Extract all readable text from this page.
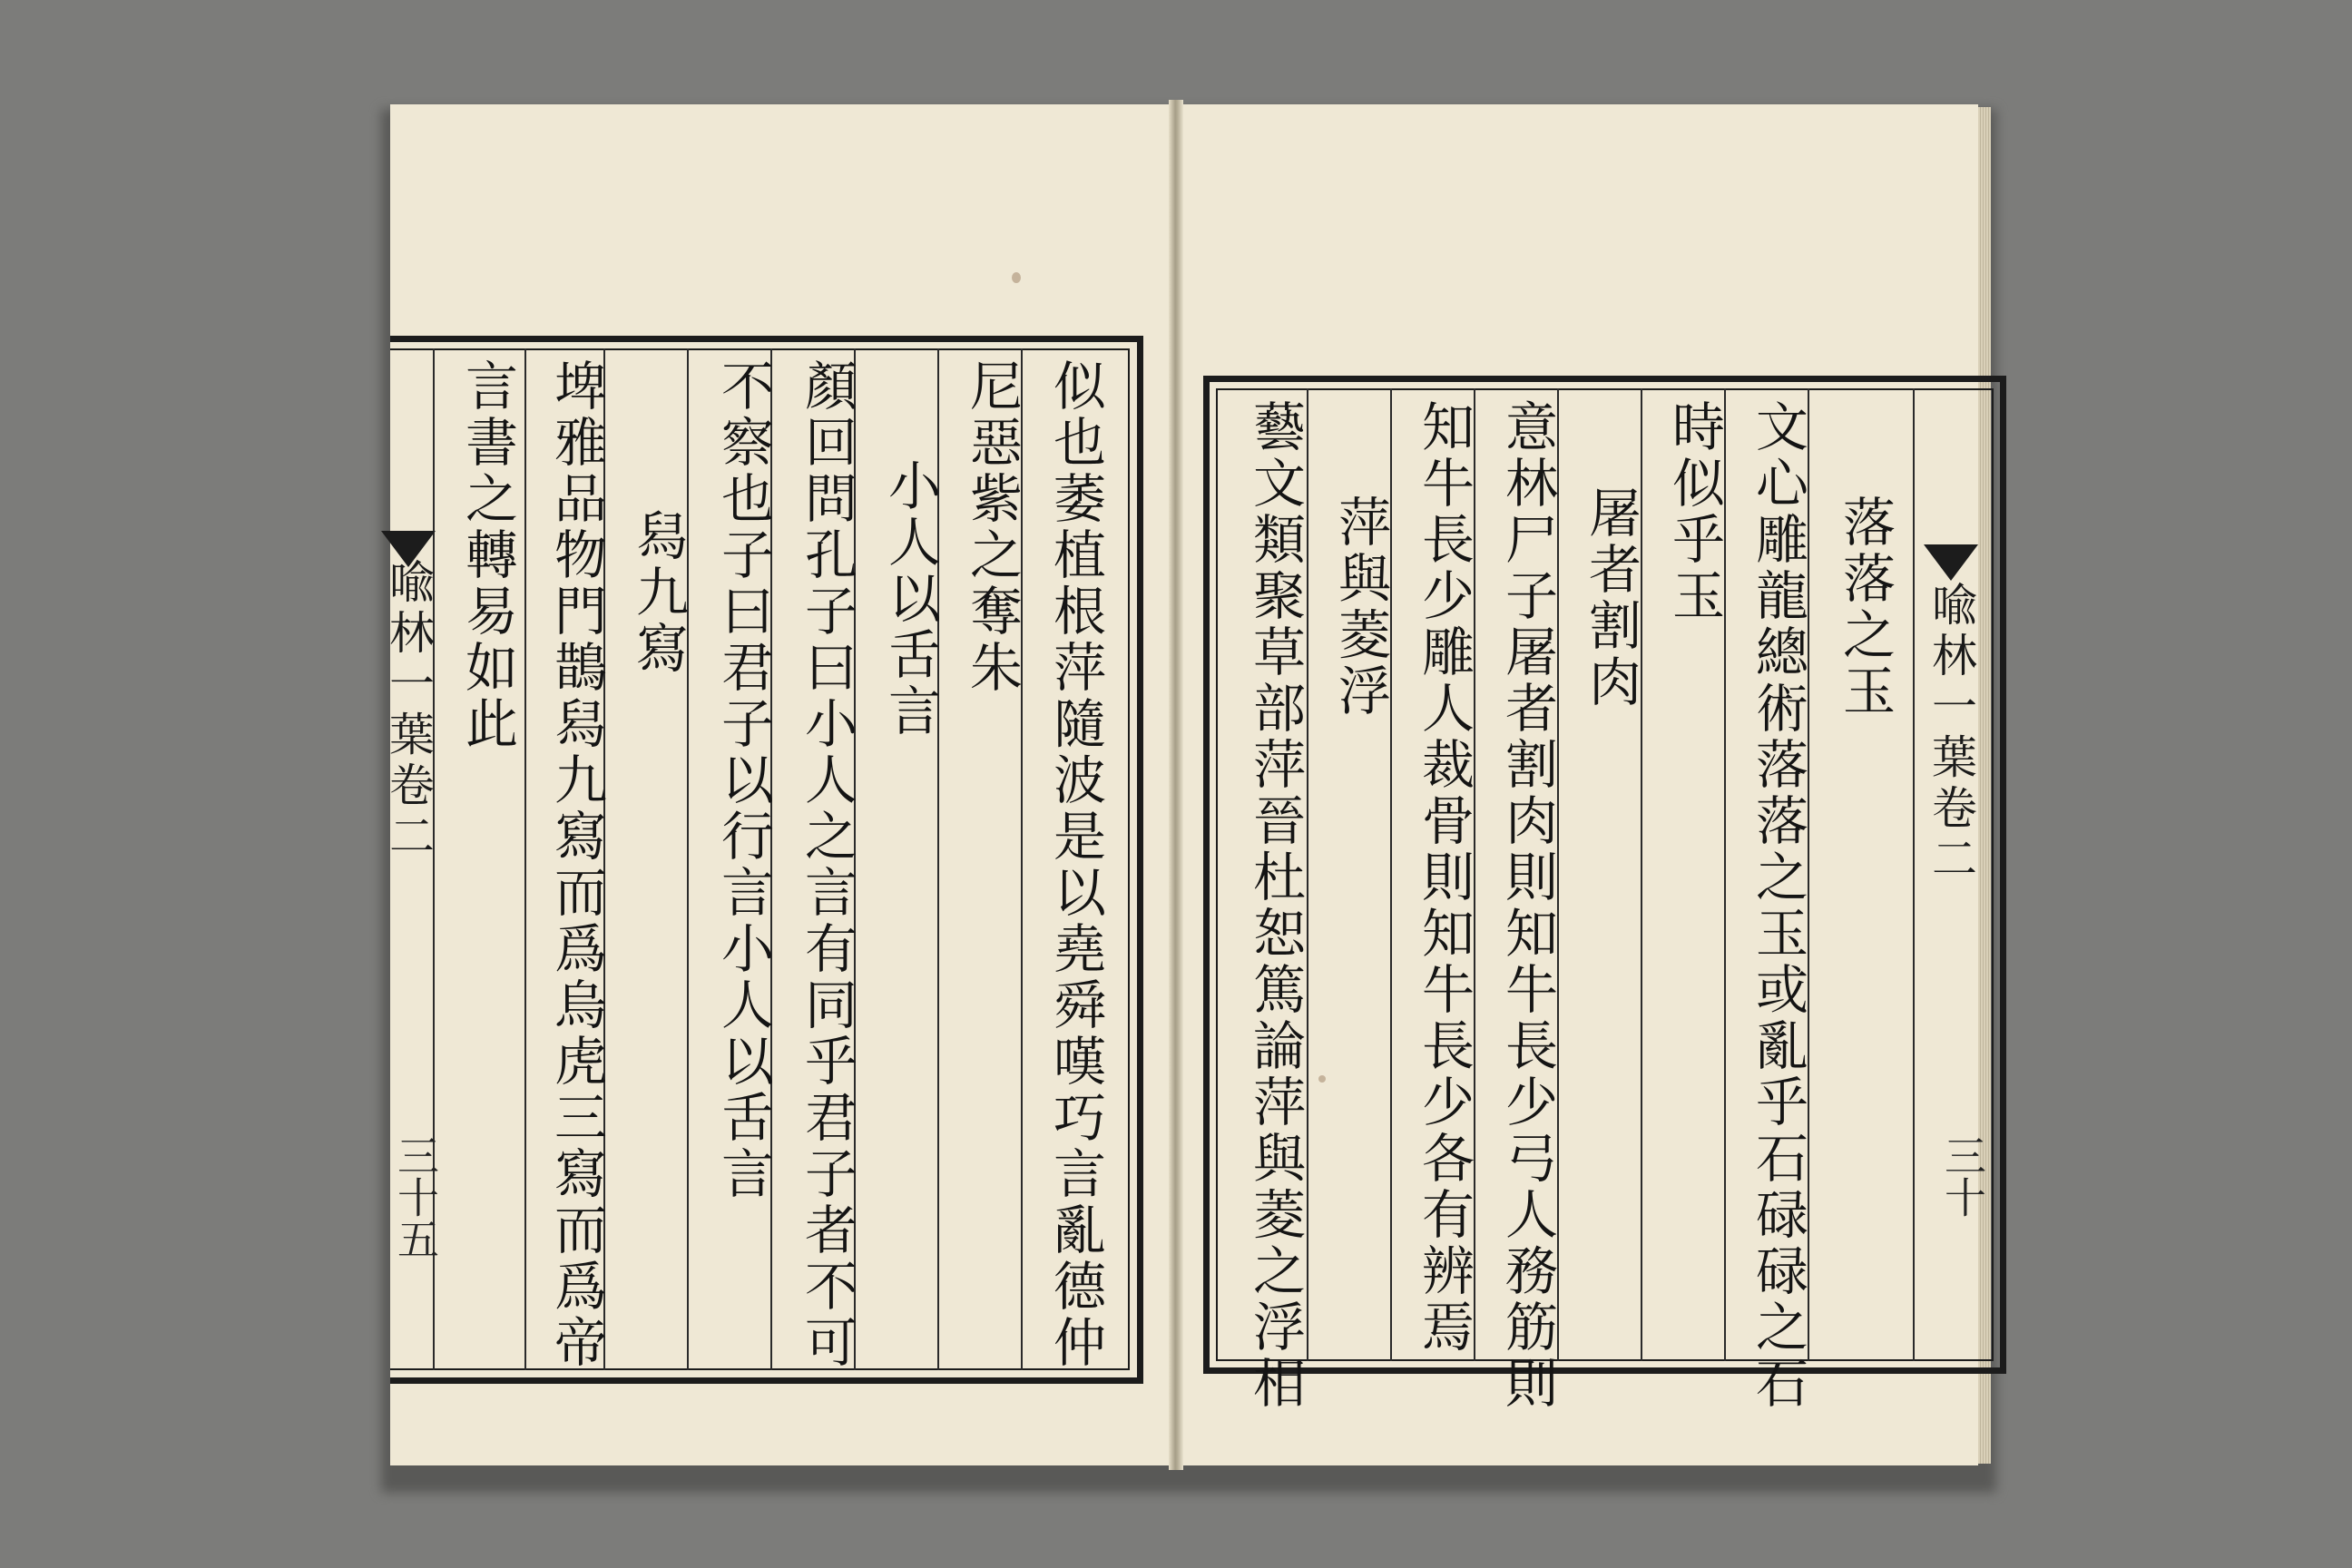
喩林一葉卷二
三十五	似也萎植根萍隨波是以堯舜嘆巧言亂德仲
尼惡紫之奪朱
小人以舌言
顏回問孔子曰小人之言有同乎君子者不可
不察也子曰君子以行言小人以舌言
舄九寫
埤雅品物門鵲舄九寫而爲烏虎三寫而爲帝
言書之轉易如此	喩林一葉卷二
三十
落落之玉
文心雕龍總術落落之玉或亂乎石碌碌之石
時似乎玉
屠者割肉
意林尸子屠者割肉則知牛長少弓人務筋則
知牛長少雕人裁骨則知牛長少各有辨焉
萍與菱浮
藝文類聚草部萍晉杜恕篤論萍與菱之浮相
